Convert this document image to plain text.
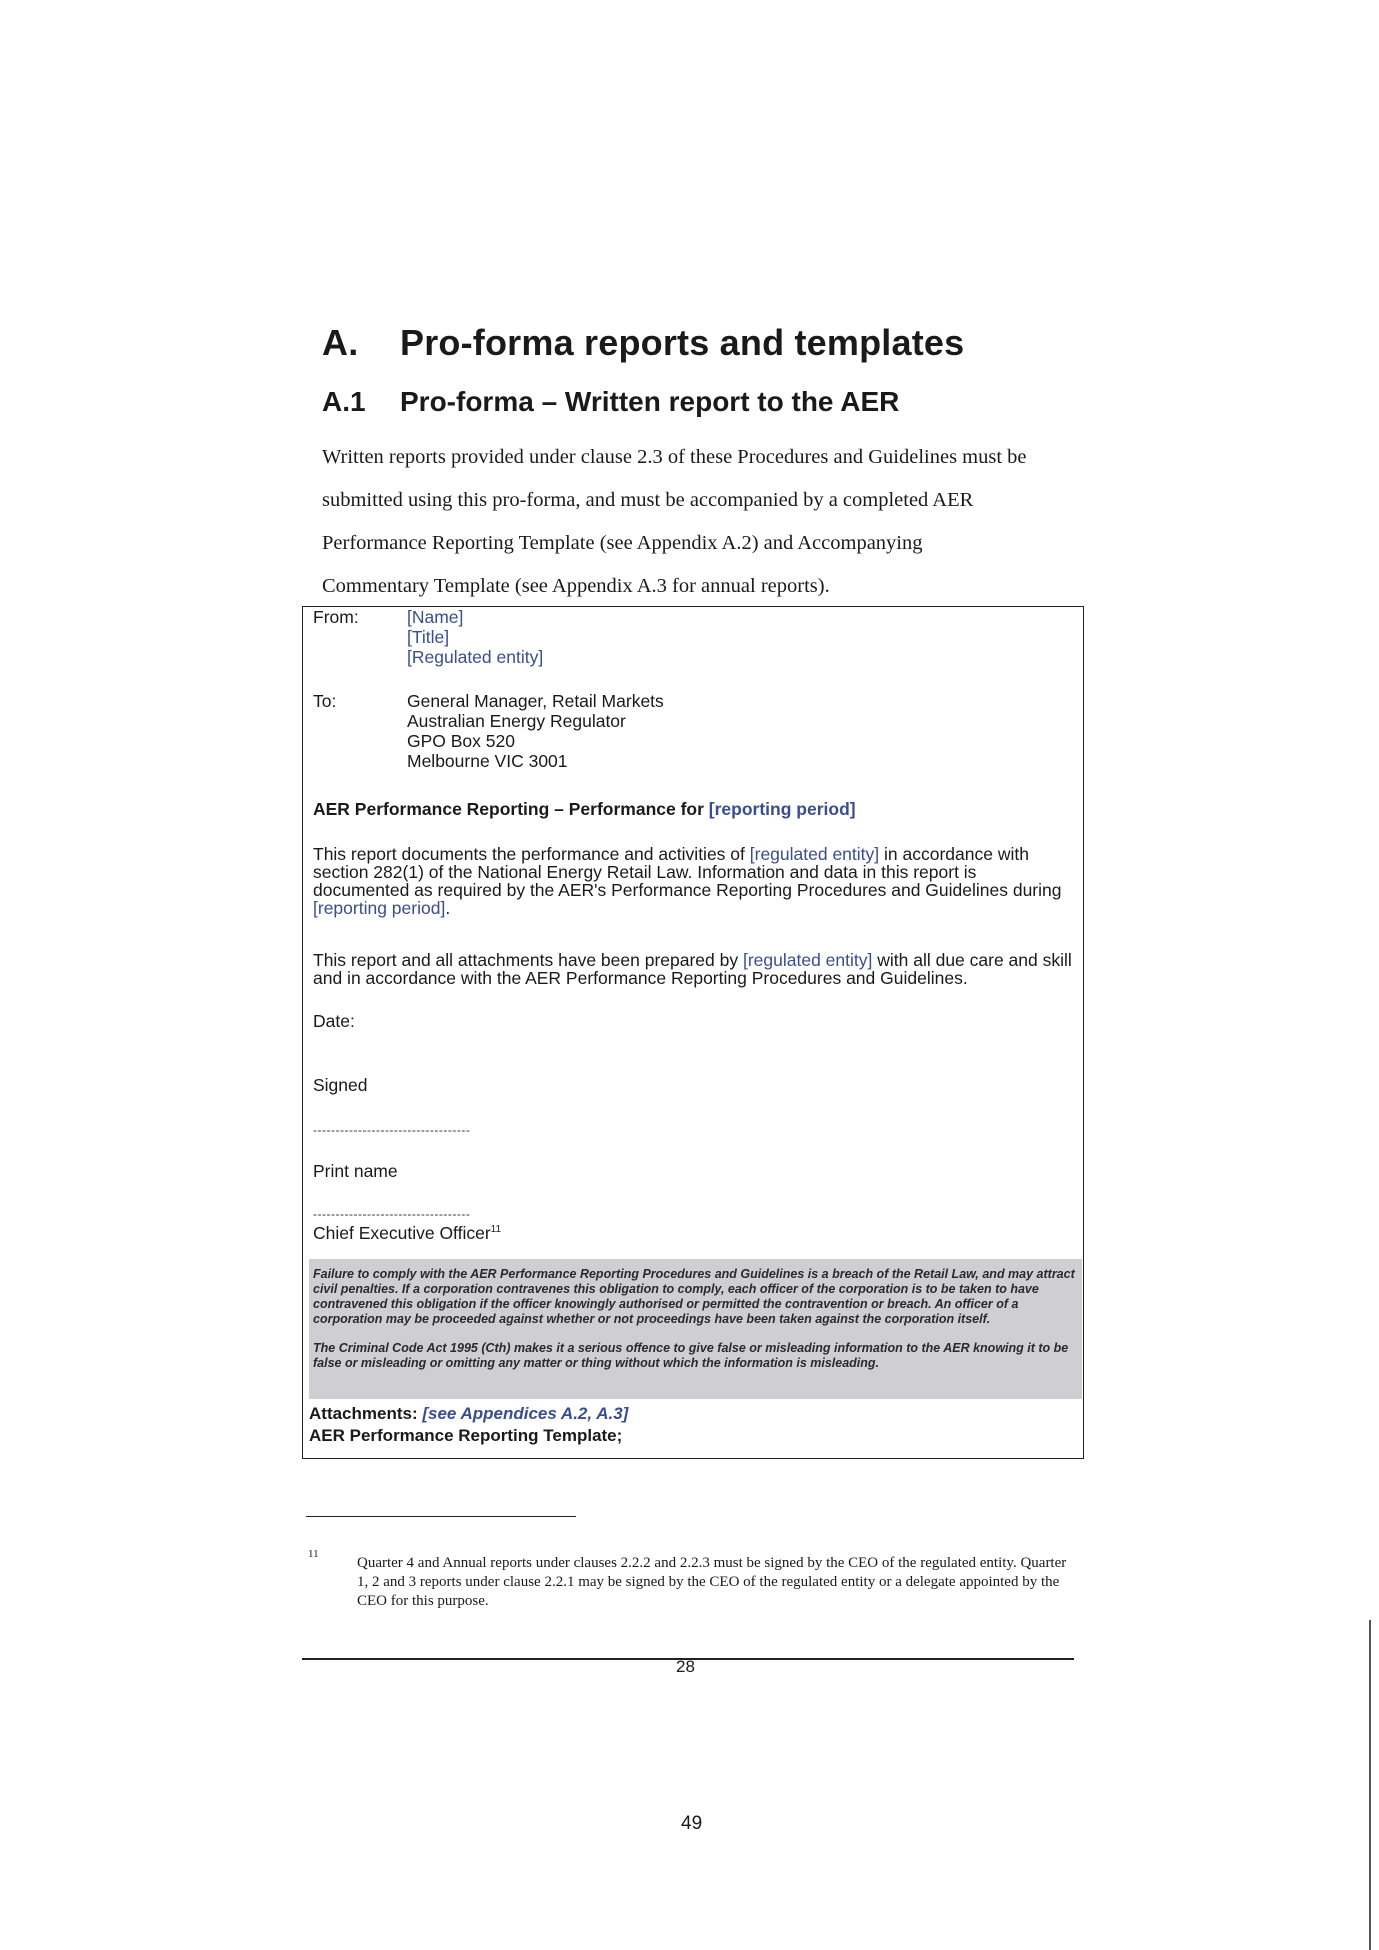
A. Pro-forma reports and templates
A.1 Pro-forma – Written report to the AER

Written reports provided under clause 2.3 of these Procedures and Guidelines must be

submitted using this pro-forma, and must be accompanied by a completed AER

Performance Reporting Template (see Appendix A.2) and Accompanying

Commentary Template (see Appendix A.3 for annual reports).

From:	[Name]
[Title]
[Regulated entity]
To:	General Manager, Retail Markets
Australian Energy Regulator
GPO Box 520
Melbourne VIC 3001
AER Performance Reporting – Performance for [reporting period]
This report documents the performance and activities of [regulated entity] in accordance with section 282(1) of the National Energy Retail Law. Information and data in this report is documented as required by the AER's Performance Reporting Procedures and Guidelines during [reporting period].
This report and all attachments have been prepared by [regulated entity] with all due care and skill and in accordance with the AER Performance Reporting Procedures and Guidelines.
Date:
Signed
-----------------------------------
Print name
-----------------------------------
Chief Executive Officer$^{11}$

Failure to comply with the AER Performance Reporting Procedures and Guidelines is a breach of the Retail Law, and may attract civil penalties. If a corporation contravenes this obligation to comply, each officer of the corporation is to be taken to have contravened this obligation if the officer knowingly authorised or permitted the contravention or breach. An officer of a corporation may be proceeded against whether or not proceedings have been taken against the corporation itself.

The Criminal Code Act 1995 (Cth) makes it a serious offence to give false or misleading information to the AER knowing it to be false or misleading or omitting any matter or thing without which the information is misleading.

Attachments: [see Appendices A.2, A.3]
AER Performance Reporting Template;
11
Quarter 4 and Annual reports under clauses 2.2.2 and 2.2.3 must be signed by the CEO of the regulated entity. Quarter 1, 2 and 3 reports under clause 2.2.1 may be signed by the CEO of the regulated entity or a delegate appointed by the CEO for this purpose.
28
49
